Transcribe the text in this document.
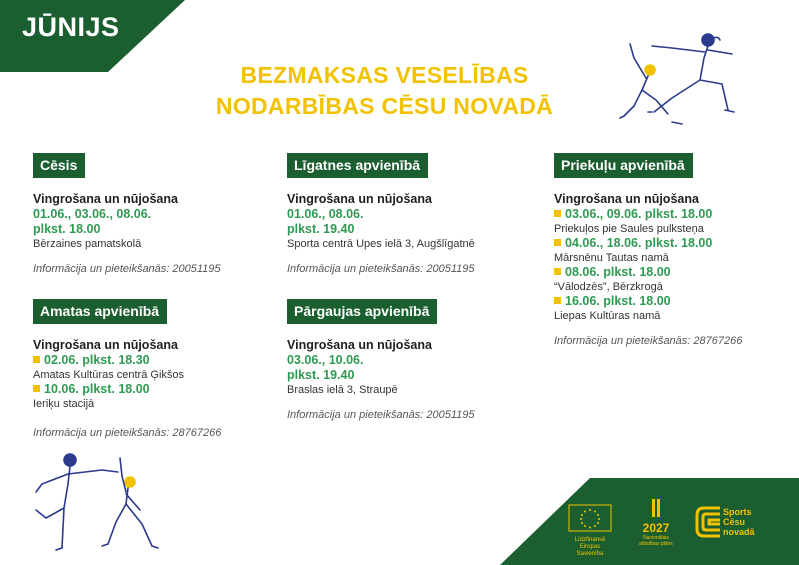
JŪNIJS
BEZMAKSAS VESELĪBAS
NODARBĪBAS CĒSU NOVADĀ
Cēsis
Vingrošana un nūjošana
01.06., 03.06., 08.06.
plkst. 18.00
Bērzaines pamatskolā
Informācija un pieteikšanās: 20051195
Līgatnes apvienībā
Vingrošana un nūjošana
01.06., 08.06.
plkst. 19.40
Sporta centrā Upes ielā 3, Augšlīgatnē
Informācija un pieteikšanās: 20051195
Priekuļu apvienībā
Vingrošana un nūjošana
03.06., 09.06. plkst. 18.00
Priekuļos pie Saules pulksteņa
04.06., 18.06. plkst. 18.00
Mārsnēnu Tautas namā
08.06. plkst. 18.00
“Vālodzēs”, Bērzkrogā
16.06. plkst. 18.00
Liepas Kultūras namā
Informācija un pieteikšanās: 28767266
Amatas apvienībā
Vingrošana un nūjošana
02.06. plkst. 18.30
Amatas Kultūras centrā Ģikšos
10.06. plkst. 18.00
Ieriķu stacijā
Informācija un pieteikšanās: 28767266
Pārgaujas apvienībā
Vingrošana un nūjošana
03.06., 10.06.
plkst. 19.40
Braslas ielā 3, Straupē
Informācija un pieteikšanās: 20051195
Līdzfinansē
Eiropas Savienība
2027
Nacionālais attīstības plāns
Sports
Cēsu
novadā
